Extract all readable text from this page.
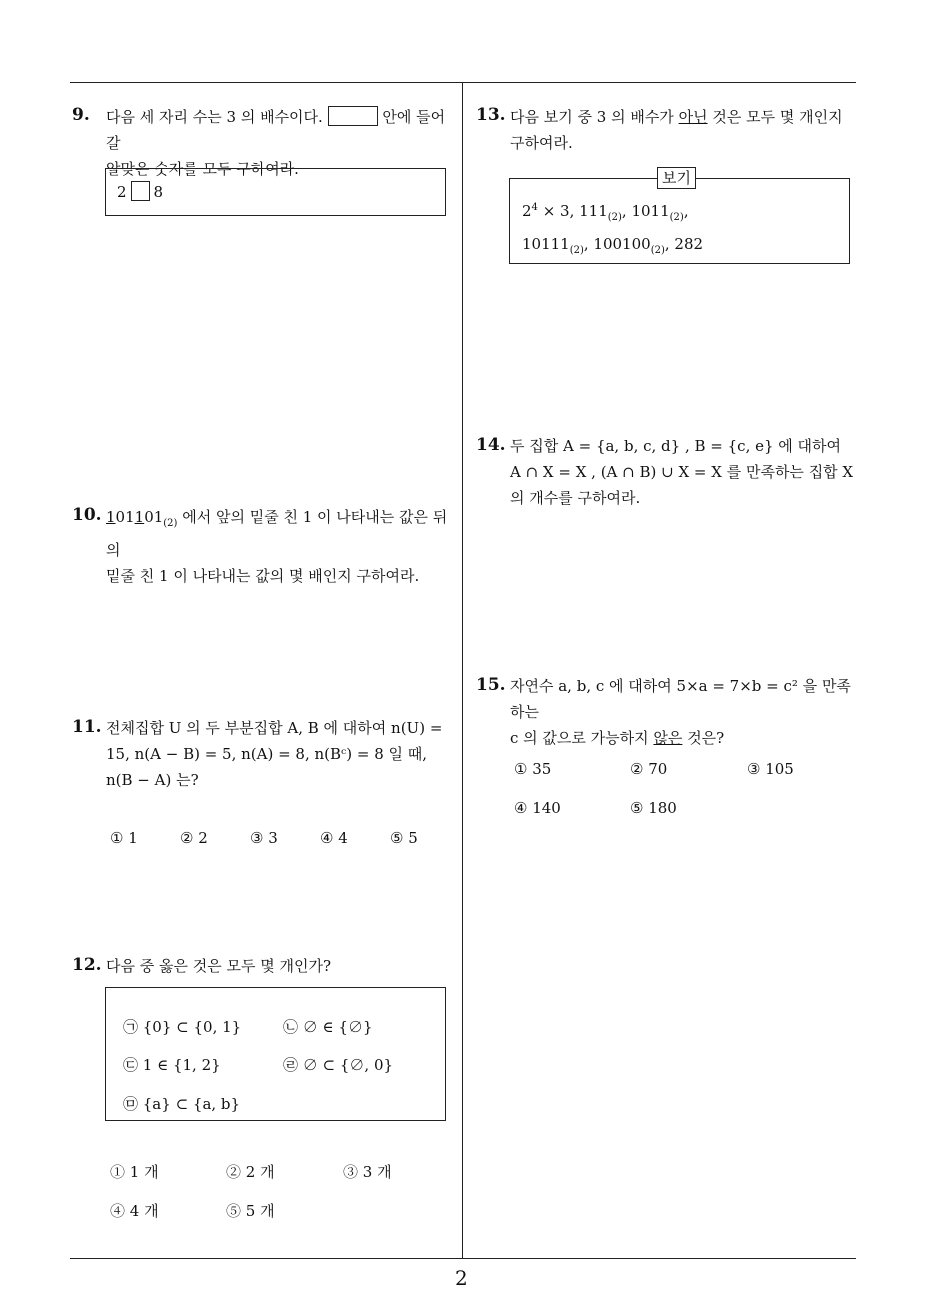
9. 다음 세 자리 수는 3 의 배수이다.	안에 들어갈
알맞은 숫자를 모두 구하여라.
2 8
10. $101101_{(2)}$ 에서 앞의 밑줄 친 1 이 나타내는 값은 뒤의
밑줄 친 1 이 나타내는 값의 몇 배인지 구하여라.
11. 전체집합 U 의 두 부분집합 A, B 에 대하여 n(U) =
15, n(A − B) = 5, n(A) = 8, n(Bᶜ) = 8 일 때,
n(B − A) 는?
① 1	② 2	③ 3	④ 4	⑤ 5
12. 다음 중 옳은 것은 모두 몇 개인가?
㉠ {0} ⊂ {0, 1}	㉡ ∅ ∈ {∅}
㉢ 1 ∈ {1, 2}	㉣ ∅ ⊂ {∅, 0}
㉤ {a} ⊂ {a, b}
① 1 개	② 2 개	③ 3 개
④ 4 개	⑤ 5 개
13. 다음 보기 중 3 의 배수가 아닌 것은 모두 몇 개인지
구하여라.
$2^4 \times 3$, $111_{(2)}$, $1011_{(2)}$,
$10111_{(2)}$, $100100_{(2)}$, 282
보기
14. 두 집합 A = {a, b, c, d} , B = {c, e} 에 대하여
A ∩ X = X , (A ∩ B) ∪ X = X 를 만족하는 집합 X
의 개수를 구하여라.
15. 자연수 a, b, c 에 대하여 5×a = 7×b = c² 을 만족하는
c 의 값으로 가능하지 않은 것은?
① 35	② 70	③ 105
④ 140	⑤ 180
2
